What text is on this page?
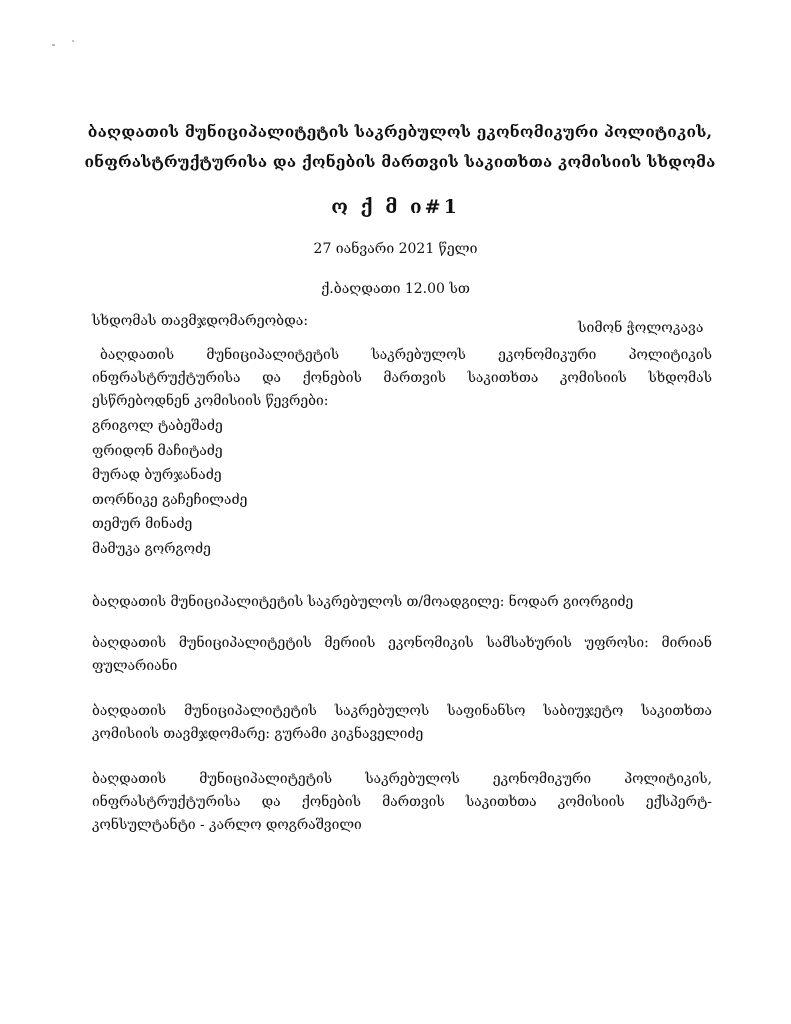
ბაღდათის მუნიციპალიტეტის საკრებულოს ეკონომიკური პოლიტიკის,
ინფრასტრუქტურისა და ქონების მართვის საკითხთა კომისიის სხდომა
ო ქ მ ი#1
27 იანვარი 2021 წელი
ქ.ბაღდათი 12.00 სთ
სხდომას თავმჯდომარეობდა:	სიმონ ჭოლოკავა
ბაღდათის მუნიციპალიტეტის საკრებულოს ეკონომიკური პოლიტიკის
ინფრასტრუქტურისა და ქონების მართვის საკითხთა კომისიის სხდომას
ესწრებოდნენ კომისიის წევრები:
გრიგოლ ტაბეშაძე
ფრიდონ მაჩიტაძე
მურად ბურჯანაძე
თორნიკე გაჩეჩილაძე
თემურ მინაძე
მამუკა გორგოძე
ბაღდათის მუნიციპალიტეტის საკრებულოს თ/მოადგილე: ნოდარ გიორგიძე
ბაღდათის მუნიციპალიტეტის მერიის ეკონომიკის სამსახურის უფროსი: მირიან
ფულარიანი
ბაღდათის მუნიციპალიტეტის საკრებულოს საფინანსო საბიუჯეტო საკითხთა
კომისიის თავმჯდომარე: გურამი კიკნაველიძე
ბაღდათის მუნიციპალიტეტის საკრებულოს ეკონომიკური პოლიტიკის,
ინფრასტრუქტურისა და ქონების მართვის საკითხთა კომისიის ექსპერტ-
კონსულტანტი - კარლო დოგრაშვილი
